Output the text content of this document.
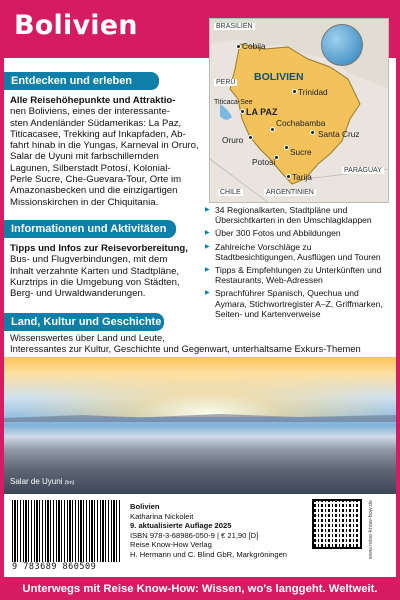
Bolivien	BRASILIEN
PERU
CHILE	ARGENTINIEN
PARAGUAY
BOLIVIEN
Titicaca-See
Cobija
Trinidad
LA PAZ
Cochabamba
Santa Cruz
Oruro
Sucre
Potosí
Tarija
Entdecken und erleben
Alle Reisehöhepunkte und Attraktio-
nen Boliviens, eines der interessante-
sten Andenländer Südamerikas: La Paz,
Titicacasee, Trekking auf Inkapfaden, Ab-
fahrt hinab in die Yungas, Karneval in Oruro,
Salar de Uyuni mit farbschillernden
Lagunen, Silberstadt Potosí, Kolonial-
Perle Sucre, Che-Guevara-Tour, Orte im
Amazonasbecken und die einzigartigen
Missionskirchen in der Chiquitania.
Informationen und Aktivitäten
Tipps und Infos zur Reisevorbereitung,
Bus- und Flugverbindungen, mit dem
Inhalt verzahnte Karten und Stadtpläne,
Kurztrips in die Umgebung von Städten,
Berg- und Urwaldwanderungen.
▶ 34 Regionalkarten, Stadtpläne und Übersichtkarten in den Umschlagklappen
▶ Über 300 Fotos und Abbildungen
▶ Zahlreiche Vorschläge zu Stadtbesichtigungen, Ausflügen und Touren
▶ Tipps & Empfehlungen zu Unterkünften und Restaurants, Web-Adressen
▶ Sprachführer Spanisch, Quechua und Aymara, Stichwortregister A–Z, Griffmarken, Seiten- und Kartenverweise
Land, Kultur und Geschichte
Wissenswertes über Land und Leute,
Interessantes zur Kultur, Geschichte und Gegenwart, unterhaltsame Exkurs-Themen
Salar de Uyuni (bn)
9 783689 860509
Bolivien
Katharina Nickoleit
9. aktualisierte Auflage 2025
ISBN 978-3-68986-050-9 | € 21,90 [D]
Reise Know-How Verlag
H. Hermann und C. Blind GbR, Markgröningen	www.reise-know-how.de
Unterwegs mit Reise Know-How: Wissen, wo's langgeht. Weltweit.
